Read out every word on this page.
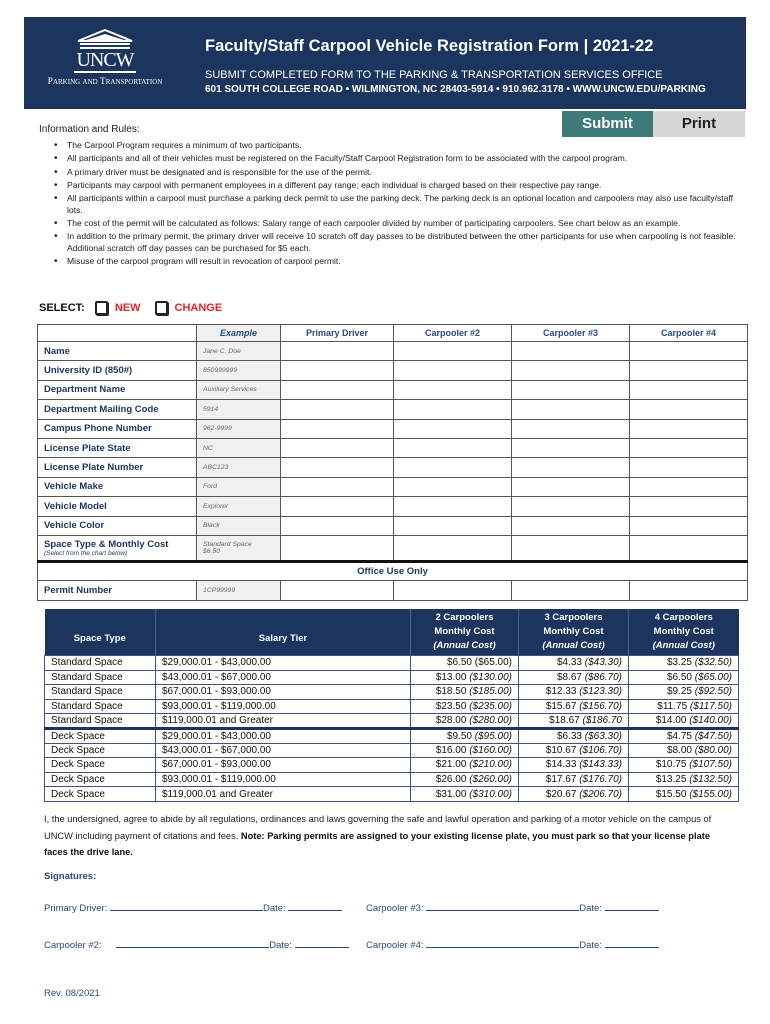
UNCW
Parking and Transportation
Faculty/Staff Carpool Vehicle Registration Form | 2021-22
SUBMIT COMPLETED FORM TO THE PARKING & TRANSPORTATION SERVICES OFFICE
601 SOUTH COLLEGE ROAD • WILMINGTON, NC 28403-5914 • 910.962.3178 • WWW.UNCW.EDU/PARKING
Submit	Print
Information and Rules:
• The Carpool Program requires a minimum of two participants.
• All participants and all of their vehicles must be registered on the Faculty/Staff Carpool Registration form to be associated with the carpool program.
• A primary driver must be designated and is responsible for the use of the permit.
• Participants may carpool with permanent employees in a different pay range; each individual is charged based on their respective pay range.
• All participants within a carpool must purchase a parking deck permit to use the parking deck. The parking deck is an optional location and carpoolers may also use faculty/staff lots.
• The cost of the permit will be calculated as follows: Salary range of each carpooler divided by number of participating carpoolers. See chart below as an example.
• In addition to the primary permit, the primary driver will receive 10 scratch off day passes to be distributed between the other participants for use when carpooling is not feasible. Additional scratch off day passes can be purchased for $5 each.
• Misuse of the carpool program will result in revocation of carpool permit.
SELECT:	NEW	CHANGE
	Example	Primary Driver	Carpooler #2	Carpooler #3	Carpooler #4
Name	Jane C. Doe				
University ID (850#)	850999999				
Department Name	Auxiliary Services				
Department Mailing Code	5914				
Campus Phone Number	962-9999				
License Plate State	NC				
License Plate Number	ABC123				
Vehicle Make	Ford				
Vehicle Model	Explorer				
Vehicle Color	Black				
Space Type & Monthly Cost
(Select from the chart below)	Standard Space
$6.50				
Office Use Only					
Permit Number	1CP99999				
Space Type	Salary Tier	2 Carpoolers
Monthly Cost
(Annual Cost)	3 Carpoolers
Monthly Cost
(Annual Cost)	4 Carpoolers
Monthly Cost
(Annual Cost)
Standard Space	$29,000.01 - $43,000.00	$6.50 ($65.00)	$4.33 ($43.30)	$3.25 ($32.50)
Standard Space	$43,000.01 - $67,000.00	$13.00 ($130.00)	$8.67 ($86.70)	$6.50 ($65.00)
Standard Space	$67,000.01 - $93,000.00	$18.50 ($185.00)	$12.33 ($123.30)	$9.25 ($92.50)
Standard Space	$93,000.01 - $119,000.00	$23.50 ($235.00)	$15.67 ($156.70)	$11.75 ($117.50)
Standard Space	$119,000.01 and Greater	$28.00 ($280.00)	$18.67 ($186.70	$14.00 ($140.00)
Deck Space	$29,000.01 - $43,000.00	$9.50 ($95.00)	$6.33 ($63.30)	$4.75 ($47.50)
Deck Space	$43,000.01 - $67,000.00	$16.00 ($160.00)	$10.67 ($106.70)	$8.00 ($80.00)
Deck Space	$67,000.01 - $93,000.00	$21.00 ($210.00)	$14.33 ($143.33)	$10.75 ($107.50)
Deck Space	$93,000.01 - $119,000.00	$26.00 ($260.00)	$17.67 ($176.70)	$13.25 ($132.50)
Deck Space	$119,000.01 and Greater	$31.00 ($310.00)	$20.67 ($206.70)	$15.50 ($155.00)
I, the undersigned, agree to abide by all regulations, ordinances and laws governing the safe and lawful operation and parking of a motor vehicle on the campus of UNCW including payment of citations and fees. Note: Parking permits are assigned to your existing license plate, you must park so that your license plate faces the drive lane.
Signatures:
Primary Driver:	Date:	Carpooler #3:	Date:
Carpooler #2:	Date:	Carpooler #4:	Date:
Rev. 08/2021
